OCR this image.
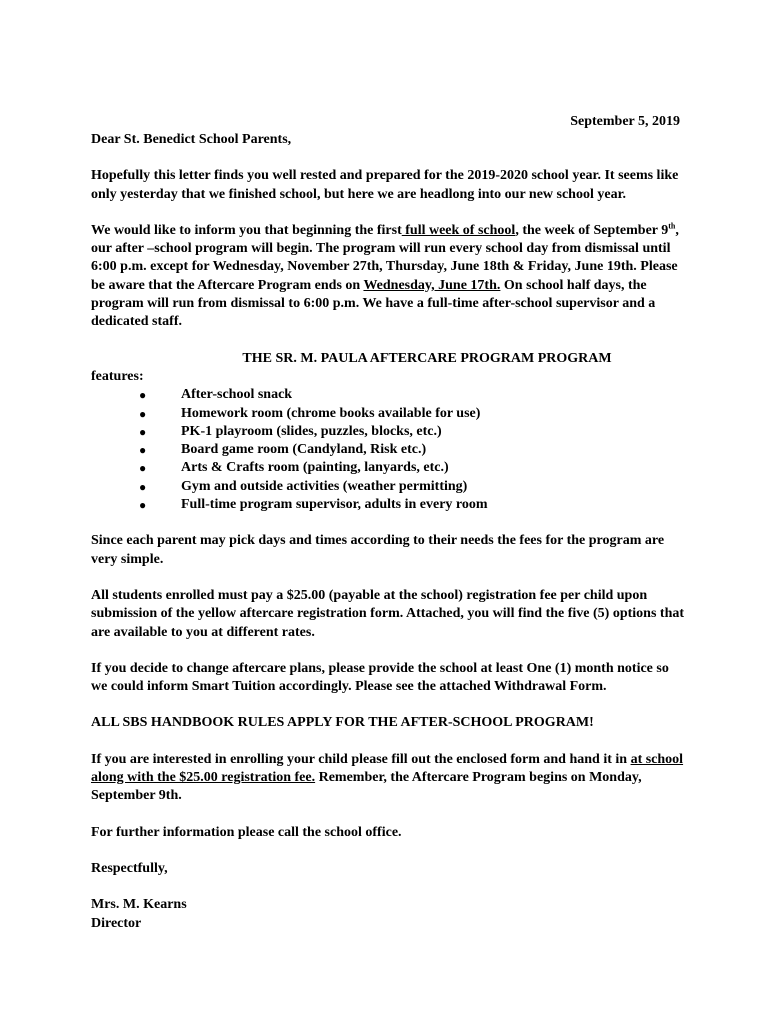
September 5, 2019

Dear St. Benedict School Parents,

Hopefully this letter finds you well rested and prepared for the 2019-2020 school year. It seems like only yesterday that we finished school, but here we are headlong into our new school year.

We would like to inform you that beginning the first full week of school, the week of September 9th, our after –school program will begin. The program will run every school day from dismissal until 6:00 p.m. except for Wednesday, November 27th, Thursday, June 18th & Friday, June 19th. Please be aware that the Aftercare Program ends on Wednesday, June 17th. On school half days, the program will run from dismissal to 6:00 p.m. We have a full-time after-school supervisor and a dedicated staff.

THE SR. M. PAULA AFTERCARE PROGRAM PROGRAM
features:
● After-school snack
● Homework room (chrome books available for use)
● PK-1 playroom (slides, puzzles, blocks, etc.)
● Board game room (Candyland, Risk etc.)
● Arts & Crafts room (painting, lanyards, etc.)
● Gym and outside activities (weather permitting)
● Full-time program supervisor, adults in every room

Since each parent may pick days and times according to their needs the fees for the program are very simple.

All students enrolled must pay a $25.00 (payable at the school) registration fee per child upon submission of the yellow aftercare registration form. Attached, you will find the five (5) options that are available to you at different rates.

If you decide to change aftercare plans, please provide the school at least One (1) month notice so we could inform Smart Tuition accordingly. Please see the attached Withdrawal Form.

ALL SBS HANDBOOK RULES APPLY FOR THE AFTER-SCHOOL PROGRAM!

If you are interested in enrolling your child please fill out the enclosed form and hand it in at school along with the $25.00 registration fee. Remember, the Aftercare Program begins on Monday, September 9th.

For further information please call the school office.

Respectfully,

Mrs. M. Kearns
Director
